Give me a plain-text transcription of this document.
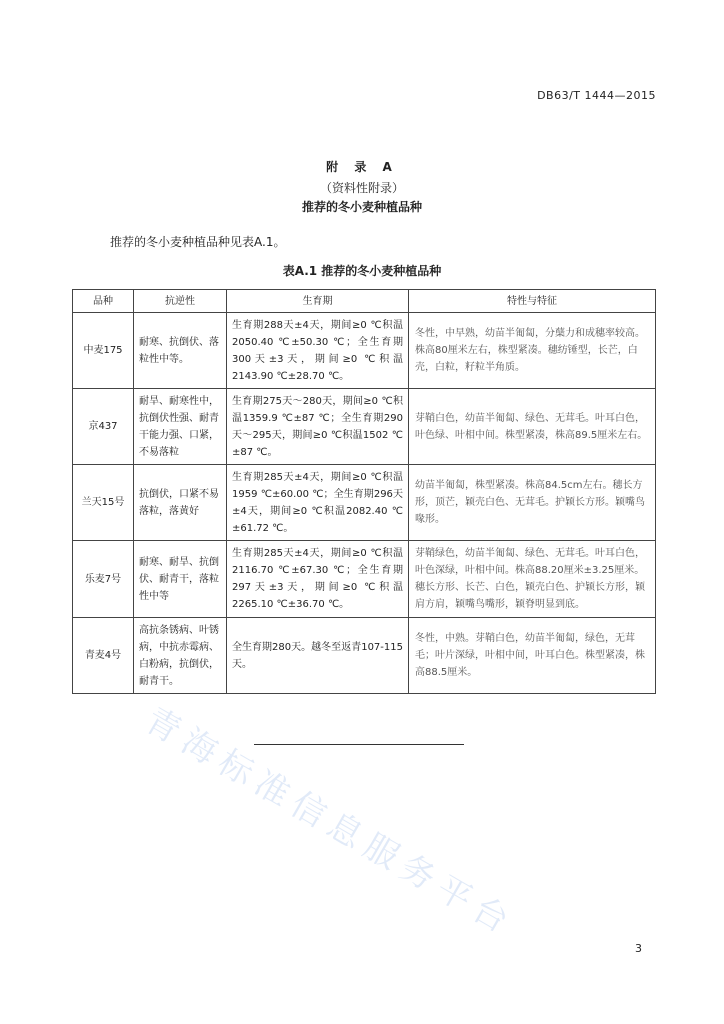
DB63/T 1444—2015
附 录 A
（资料性附录）
推荐的冬小麦种植品种
推荐的冬小麦种植品种见表A.1。
表A.1 推荐的冬小麦种植品种
品种	抗逆性	生育期	特性与特征
中麦175	耐寒、抗倒伏、落粒性中等。	生育期288天±4天，期间≥0 ℃积温2050.40 ℃±50.30 ℃；全生育期300天±3天，期间≥0 ℃积温2143.90 ℃±28.70 ℃。	冬性，中早熟，幼苗半匍匐，分蘖力和成穗率较高。株高80厘米左右，株型紧凑。穗纺锤型，长芒，白壳，白粒，籽粒半角质。
京437	耐旱、耐寒性中，抗倒伏性强、耐青干能力强、口紧，不易落粒	生育期275天～280天，期间≥0 ℃积温1359.9 ℃±87 ℃；全生育期290天～295天，期间≥0 ℃积温1502 ℃±87 ℃。	芽鞘白色，幼苗半匍匐、绿色、无茸毛。叶耳白色，叶色绿、叶相中间。株型紧凑，株高89.5厘米左右。
兰天15号	抗倒伏，口紧不易落粒，落黄好	生育期285天±4天，期间≥0 ℃积温1959 ℃±60.00 ℃；全生育期296天±4天，期间≥0 ℃积温2082.40 ℃±61.72 ℃。	幼苗半匍匐，株型紧凑。株高84.5cm左右。穗长方形，顶芒，颖壳白色、无茸毛。护颖长方形。颖嘴鸟喙形。
乐麦7号	耐寒、耐旱、抗倒伏、耐青干，落粒性中等	生育期285天±4天，期间≥0 ℃积温2116.70 ℃±67.30 ℃；全生育期297天±3天，期间≥0 ℃积温2265.10 ℃±36.70 ℃。	芽鞘绿色，幼苗半匍匐、绿色、无茸毛。叶耳白色，叶色深绿，叶相中间。株高88.20厘米±3.25厘米。穗长方形、长芒、白色，颖壳白色、护颖长方形，颖肩方肩，颖嘴鸟嘴形，颖脊明显到底。
青麦4号	高抗条锈病、叶锈病，中抗赤霉病、白粉病，抗倒伏，耐青干。	全生育期280天。越冬至返青107-115天。	冬性，中熟。芽鞘白色，幼苗半匍匐，绿色，无茸毛；叶片深绿，叶相中间，叶耳白色。株型紧凑，株高88.5厘米。
青海标准信息服务平台
3
